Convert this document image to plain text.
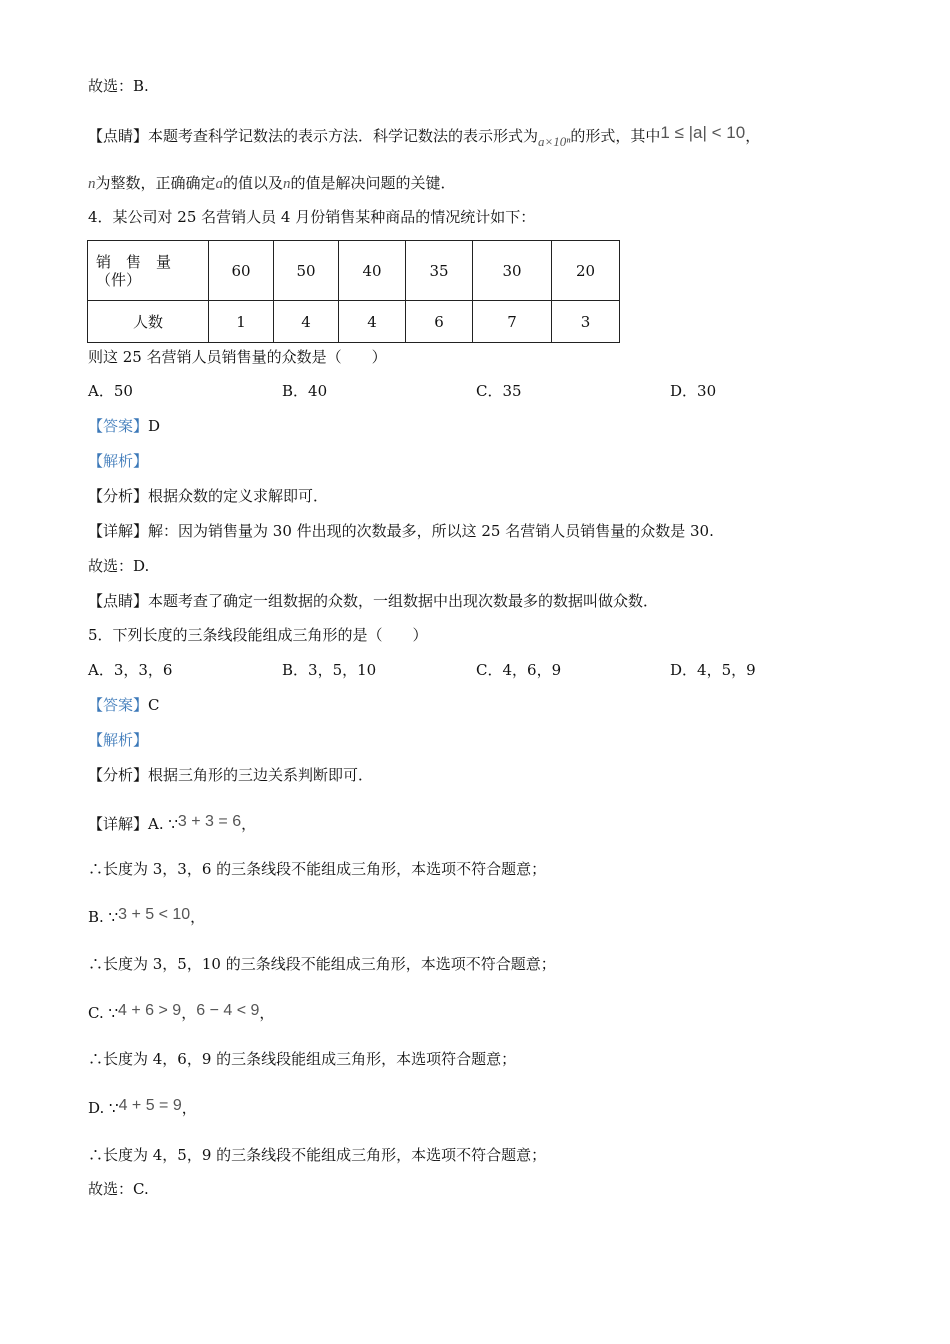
故选：B.
【点睛】本题考查科学记数法的表示方法．科学记数法的表示形式为a×10ⁿ的形式，其中1 ≤ |a| < 10，
n为整数，正确确定a的值以及n的值是解决问题的关键．
4．某公司对 25 名营销人员 4 月份销售某种商品的情况统计如下：
销　售　量
（件）	60	50	40	35	30	20
人数	1	4	4	6	7	3
则这 25 名营销人员销售量的众数是（　　）
A．50	B．40	C．35	D．30
【答案】D
【解析】
【分析】根据众数的定义求解即可．
【详解】解：因为销售量为 30 件出现的次数最多，所以这 25 名营销人员销售量的众数是 30.
故选：D.
【点睛】本题考查了确定一组数据的众数，一组数据中出现次数最多的数据叫做众数．
5．下列长度的三条线段能组成三角形的是（　　）
A．3，3，6	B．3，5，10	C．4，6，9	D．4，5，9
【答案】C
【解析】
【分析】根据三角形的三边关系判断即可．
【详解】A. ∵3 + 3 = 6，
∴长度为 3，3，6 的三条线段不能组成三角形，本选项不符合题意；
B. ∵3 + 5 < 10，
∴长度为 3，5，10 的三条线段不能组成三角形，本选项不符合题意；
C. ∵4 + 6 > 9，6 − 4 < 9，
∴长度为 4，6，9 的三条线段能组成三角形，本选项符合题意；
D. ∵4 + 5 = 9，
∴长度为 4，5，9 的三条线段不能组成三角形，本选项不符合题意；
故选：C.
